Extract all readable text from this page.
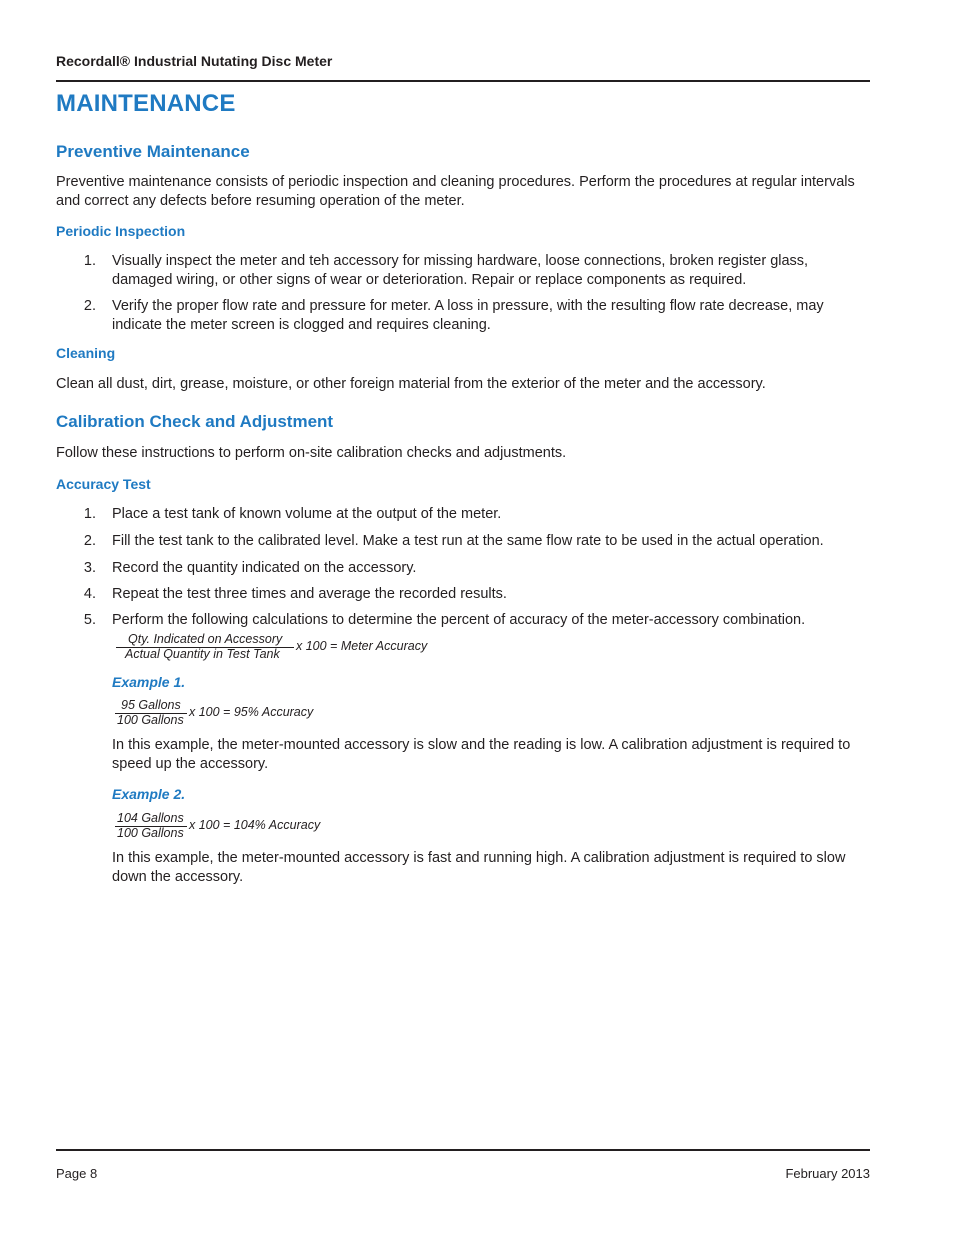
Recordall® Industrial Nutating Disc Meter
MAINTENANCE
Preventive Maintenance
Preventive maintenance consists of periodic inspection and cleaning procedures. Perform the procedures at regular intervals and correct any defects before resuming operation of the meter.
Periodic Inspection
1. Visually inspect the meter and teh accessory for missing hardware, loose connections, broken register glass, damaged wiring, or other signs of wear or deterioration. Repair or replace components as required.
2. Verify the proper flow rate and pressure for meter. A loss in pressure, with the resulting flow rate decrease, may indicate the meter screen is clogged and requires cleaning.
Cleaning
Clean all dust, dirt, grease, moisture, or other foreign material from the exterior of the meter and the accessory.
Calibration Check and Adjustment
Follow these instructions to perform on-site calibration checks and adjustments.
Accuracy Test
1. Place a test tank of known volume at the output of the meter.
2. Fill the test tank to the calibrated level. Make a test run at the same flow rate to be used in the actual operation.
3. Record the quantity indicated on the accessory.
4. Repeat the test three times and average the recorded results.
5. Perform the following calculations to determine the percent of accuracy of the meter-accessory combination.
Qty. Indicated on Accessory
Actual Quantity in Test Tank
x 100 = Meter Accuracy
Example 1.
95 Gallons
100 Gallons
x 100 = 95% Accuracy
In this example, the meter-mounted accessory is slow and the reading is low. A calibration adjustment is required to speed up the accessory.
Example 2.
104 Gallons
100 Gallons
x 100 = 104% Accuracy
In this example, the meter-mounted accessory is fast and running high. A calibration adjustment is required to slow down the accessory.
Page 8	February 2013
